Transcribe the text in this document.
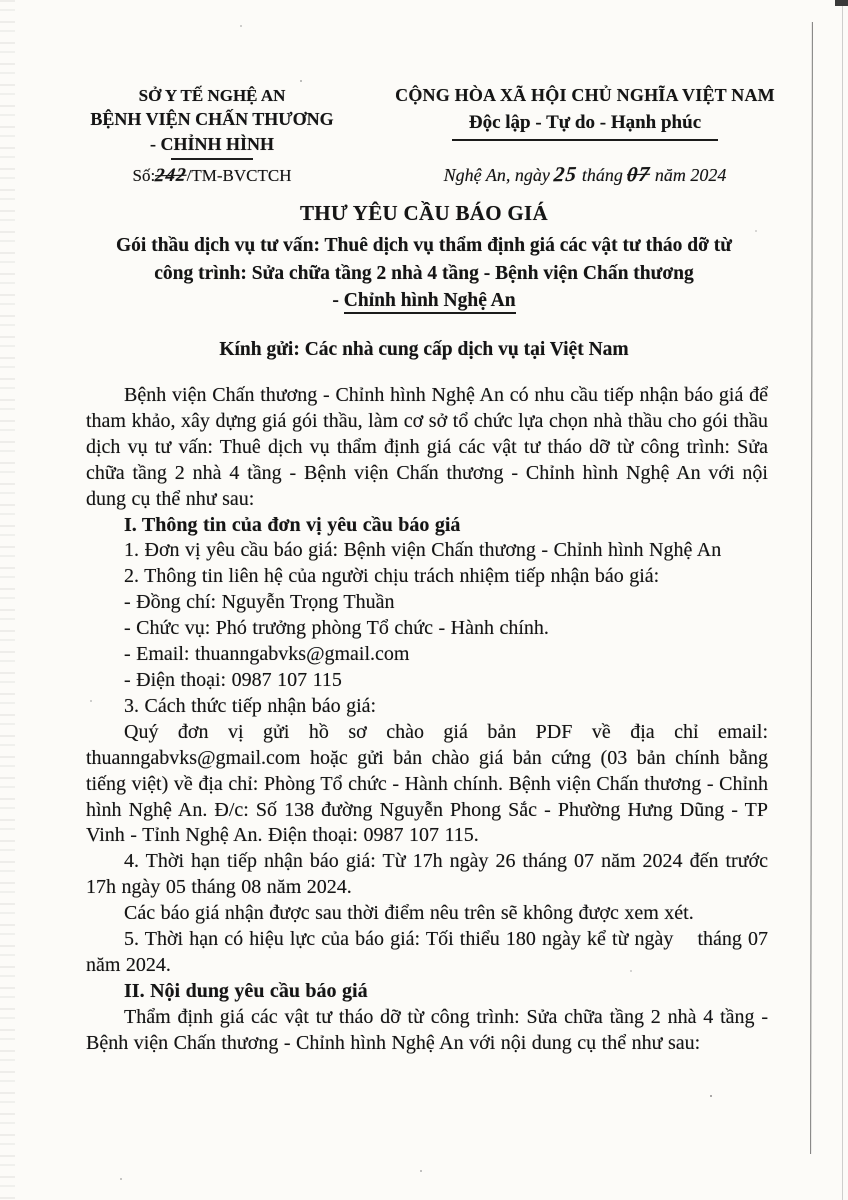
SỞ Y TẾ NGHỆ AN
BỆNH VIỆN CHẤN THƯƠNG
- CHỈNH HÌNH
Số:242/TM-BVCTCH
CỘNG HÒA XÃ HỘI CHỦ NGHĨA VIỆT NAM
Độc lập - Tự do - Hạnh phúc
Nghệ An, ngày 25 tháng 07 năm 2024
THƯ YÊU CẦU BÁO GIÁ
Gói thầu dịch vụ tư vấn: Thuê dịch vụ thẩm định giá các vật tư tháo dỡ từ
công trình: Sửa chữa tầng 2 nhà 4 tầng - Bệnh viện Chấn thương
- Chỉnh hình Nghệ An
Kính gửi: Các nhà cung cấp dịch vụ tại Việt Nam

Bệnh viện Chấn thương - Chỉnh hình Nghệ An có nhu cầu tiếp nhận báo giá để tham khảo, xây dựng giá gói thầu, làm cơ sở tổ chức lựa chọn nhà thầu cho gói thầu dịch vụ tư vấn: Thuê dịch vụ thẩm định giá các vật tư tháo dỡ từ công trình: Sửa chữa tầng 2 nhà 4 tầng - Bệnh viện Chấn thương - Chỉnh hình Nghệ An với nội dung cụ thể như sau:

I. Thông tin của đơn vị yêu cầu báo giá

1. Đơn vị yêu cầu báo giá: Bệnh viện Chấn thương - Chỉnh hình Nghệ An

2. Thông tin liên hệ của người chịu trách nhiệm tiếp nhận báo giá:

- Đồng chí: Nguyễn Trọng Thuần

- Chức vụ: Phó trưởng phòng Tổ chức - Hành chính.

- Email: thuanngabvks@gmail.com

- Điện thoại: 0987 107 115

3. Cách thức tiếp nhận báo giá:

Quý đơn vị gửi hồ sơ chào giá bản PDF về địa chỉ email: thuanngabvks@gmail.com hoặc gửi bản chào giá bản cứng (03 bản chính bằng tiếng việt) về địa chỉ: Phòng Tổ chức - Hành chính. Bệnh viện Chấn thương - Chỉnh hình Nghệ An. Đ/c: Số 138 đường Nguyễn Phong Sắc - Phường Hưng Dũng - TP Vinh - Tỉnh Nghệ An. Điện thoại: 0987 107 115.

4. Thời hạn tiếp nhận báo giá: Từ 17h ngày 26 tháng 07 năm 2024 đến trước 17h ngày 05 tháng 08 năm 2024.

Các báo giá nhận được sau thời điểm nêu trên sẽ không được xem xét.

5. Thời hạn có hiệu lực của báo giá: Tối thiểu 180 ngày kể từ ngày tháng 07 năm 2024.

II. Nội dung yêu cầu báo giá

Thẩm định giá các vật tư tháo dỡ từ công trình: Sửa chữa tầng 2 nhà 4 tầng - Bệnh viện Chấn thương - Chỉnh hình Nghệ An với nội dung cụ thể như sau:
